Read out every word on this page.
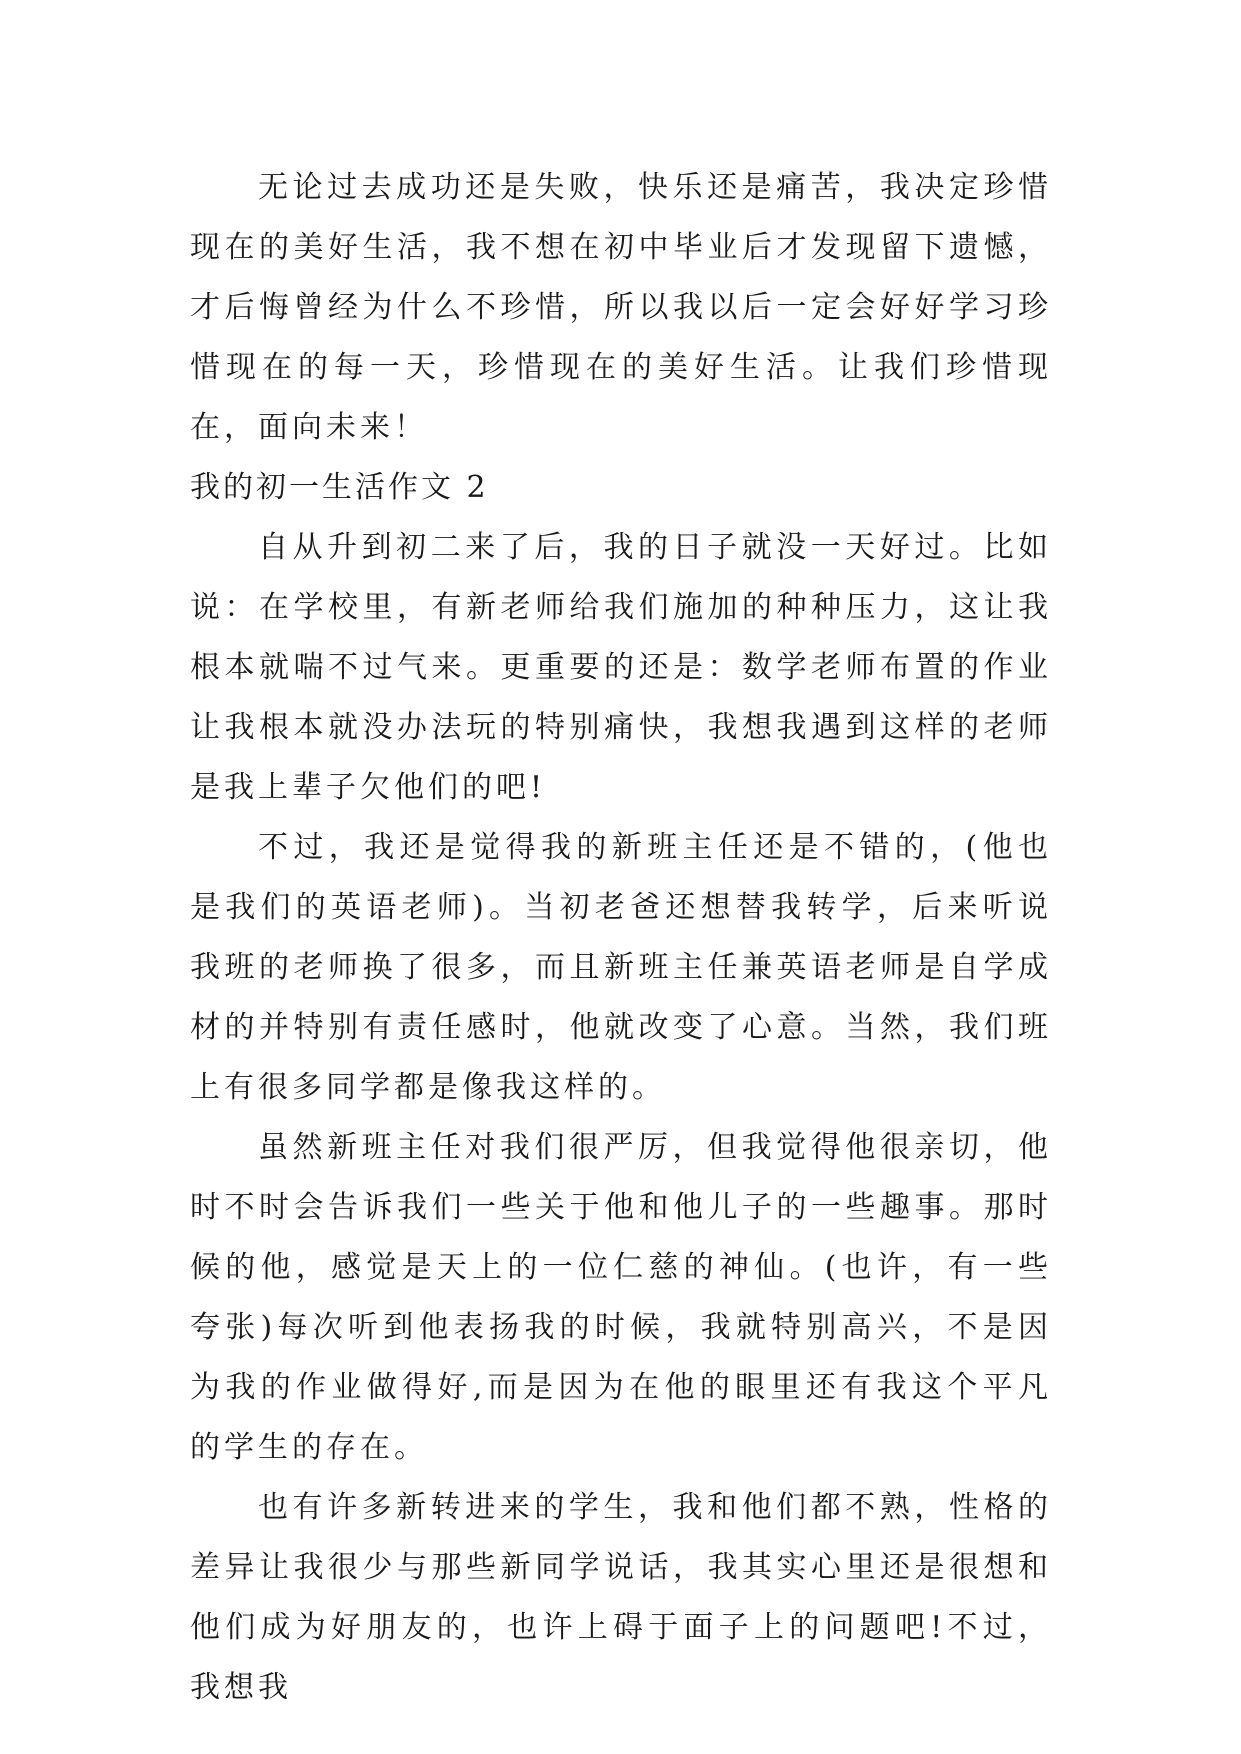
无论过去成功还是失败，快乐还是痛苦，我决定珍惜现在的美好生活，我不想在初中毕业后才发现留下遗憾，才后悔曾经为什么不珍惜，所以我以后一定会好好学习珍惜现在的每一天，珍惜现在的美好生活。让我们珍惜现在，面向未来！

我的初一生活作文 2

自从升到初二来了后，我的日子就没一天好过。比如说：在学校里，有新老师给我们施加的种种压力，这让我根本就喘不过气来。更重要的还是：数学老师布置的作业让我根本就没办法玩的特别痛快，我想我遇到这样的老师是我上辈子欠他们的吧!

不过，我还是觉得我的新班主任还是不错的，(他也是我们的英语老师)。当初老爸还想替我转学，后来听说我班的老师换了很多，而且新班主任兼英语老师是自学成材的并特别有责任感时，他就改变了心意。当然，我们班上有很多同学都是像我这样的。

虽然新班主任对我们很严厉，但我觉得他很亲切，他时不时会告诉我们一些关于他和他儿子的一些趣事。那时候的他，感觉是天上的一位仁慈的神仙。(也许，有一些夸张)每次听到他表扬我的时候，我就特别高兴，不是因为我的作业做得好,而是因为在他的眼里还有我这个平凡的学生的存在。

也有许多新转进来的学生，我和他们都不熟，性格的差异让我很少与那些新同学说话，我其实心里还是很想和他们成为好朋友的，也许上碍于面子上的问题吧!不过，我想我
